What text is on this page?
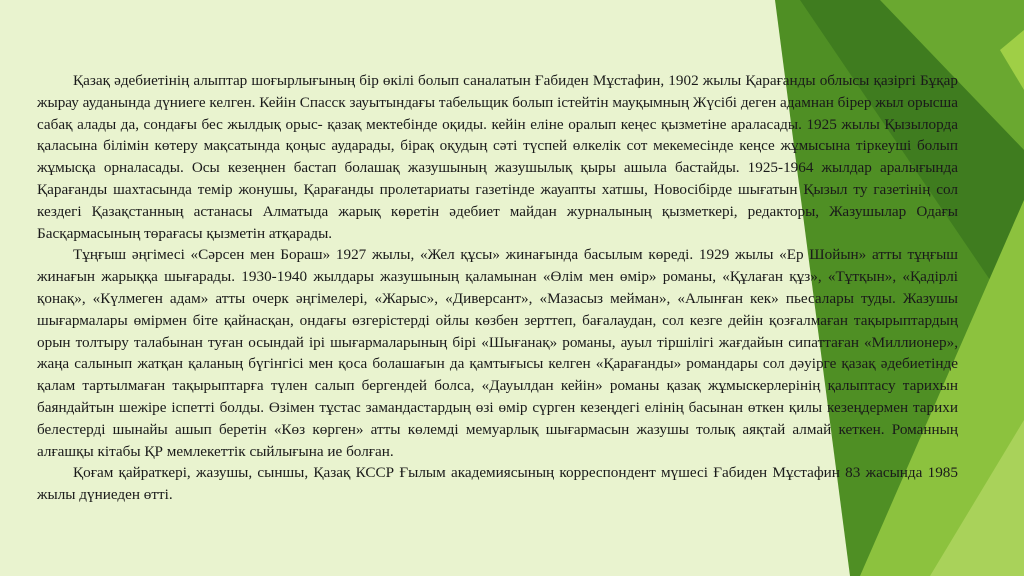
Қазақ әдебиетінің алыптар шоғырлығының бір өкілі болып саналатын Ғабиден Мұстафин, 1902 жылы Қарағанды облысы қазіргі Бұқар жырау ауданында дүниеге келген. Кейін Спасск зауытындағы табельщик болып істейтін мауқымның Жүсібі деген адамнан бірер жыл орысша сабақ алады да, сондағы бес жылдық орыс- қазақ мектебінде оқиды. кейін еліне оралып кеңес қызметіне араласады. 1925 жылы Қызылорда қаласына білімін көтеру мақсатында қоңыс аударады, бірақ оқудың сәті түспей өлкелік сот мекемесінде кеңсе жұмысына тіркеуші болып жұмысқа орналасады. Осы кезеңнен бастап болашақ жазушының жазушылық қыры ашыла бастайды. 1925-1964 жылдар аралығында Қарағанды шахтасында темір жонушы, Қарағанды пролетариаты газетінде жауапты хатшы, Новосібірде шығатын Қызыл ту газетінің сол кездегі Қазақстанның астанасы Алматыда жарық көретін әдебиет майдан журналының қызметкері, редакторы, Жазушылар Одағы Басқармасының төрағасы қызметін атқарады.

Тұңғыш әңгімесі «Сәрсен мен Бораш» 1927 жылы, «Жел құсы» жинағында басылым көреді. 1929 жылы «Ер Шойын» атты тұңғыш жинағын жарыққа шығарады. 1930-1940 жылдары жазушының қаламынан «Өлім мен өмір» романы, «Құлаған құз», «Тұтқын», «Қадірлі қонақ», «Күлмеген адам» атты очерк әңгімелері, «Жарыс», «Диверсант», «Мазасыз мейман», «Алынған кек» пьесалары туды. Жазушы шығармалары өмірмен біте қайнасқан, ондағы өзгерістерді ойлы көзбен зерттеп, бағалаудан, сол кезге дейін қозғалмаған тақырыптардың орын толтыру талабынан туған осындай ірі шығармаларының бірі «Шығанақ» романы, ауыл тіршілігі жағдайын сипаттаған «Миллионер», жаңа салынып жатқан қаланың бүгінгісі мен қоса болашағын да қамтығысы келген «Қарағанды» романдары сол дәуірге қазақ әдебиетінде қалам тартылмаған тақырыптарға түлен салып бергендей болса, «Дауылдан кейін» романы қазақ жұмыскерлерінің қалыптасу тарихын баяндайтын шежіре іспетті болды. Өзімен тұстас замандастардың өзі өмір сүрген кезеңдегі елінің басынан өткен қилы кезеңдермен тарихи белестерді шынайы ашып беретін «Көз көрген» атты көлемді мемуарлық шығармасын жазушы толық аяқтай алмай кеткен. Романның алғашқы кітабы ҚР мемлекеттік сыйлығына ие болған.

Қоғам қайраткері, жазушы, сыншы, Қазақ КСCР Ғылым академиясының корреспондент мүшесі Ғабиден Мұстафин 83 жасында 1985 жылы дүниеден өтті.
